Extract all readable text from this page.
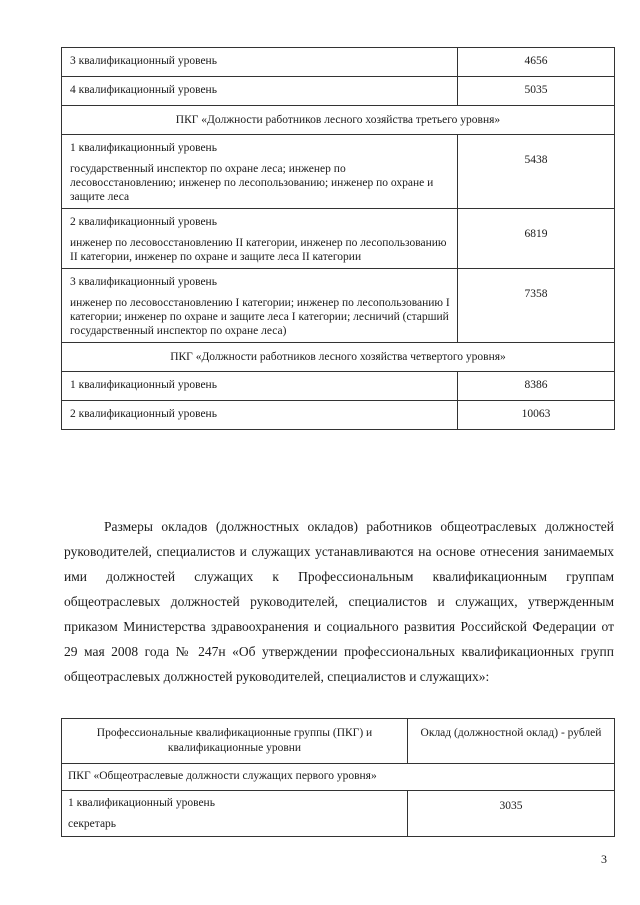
3 квалификационный уровень	4656
4 квалификационный уровень	5035
ПКГ «Должности работников лесного хозяйства третьего уровня»	

1 квалификационный уровень
государственный инспектор по охране леса; инженер по лесовосстановлению; инженер по лесопользованию; инженер по охране и защите леса	5438

2 квалификационный уровень
инженер по лесовосстановлению II категории, инженер по лесопользованию II категории, инженер по охране и защите леса II категории	6819

3 квалификационный уровень
инженер по лесовосстановлению I категории; инженер по лесопользованию I категории; инженер по охране и защите леса I категории; лесничий (старший государственный инспектор по охране леса)	7358
ПКГ «Должности работников лесного хозяйства четвертого уровня»	
1 квалификационный уровень	8386
2 квалификационный уровень	10063

Размеры окладов (должностных окладов) работников общеотраслевых должностей руководителей, специалистов и служащих устанавливаются на основе отнесения занимаемых ими должностей служащих к Профессиональным квалификационным группам общеотраслевых должностей руководителей, специалистов и служащих, утвержденным приказом Министерства здравоохранения и социального развития Российской Федерации от 29 мая 2008 года № 247н «Об утверждении профессиональных квалификационных групп общеотраслевых должностей руководителей, специалистов и служащих»:

Профессиональные квалификационные группы (ПКГ) и квалификационные уровни	Оклад (должностной оклад) - рублей
ПКГ «Общеотраслевые должности служащих первого уровня»	

1 квалификационный уровень
секретарь	3035
3
